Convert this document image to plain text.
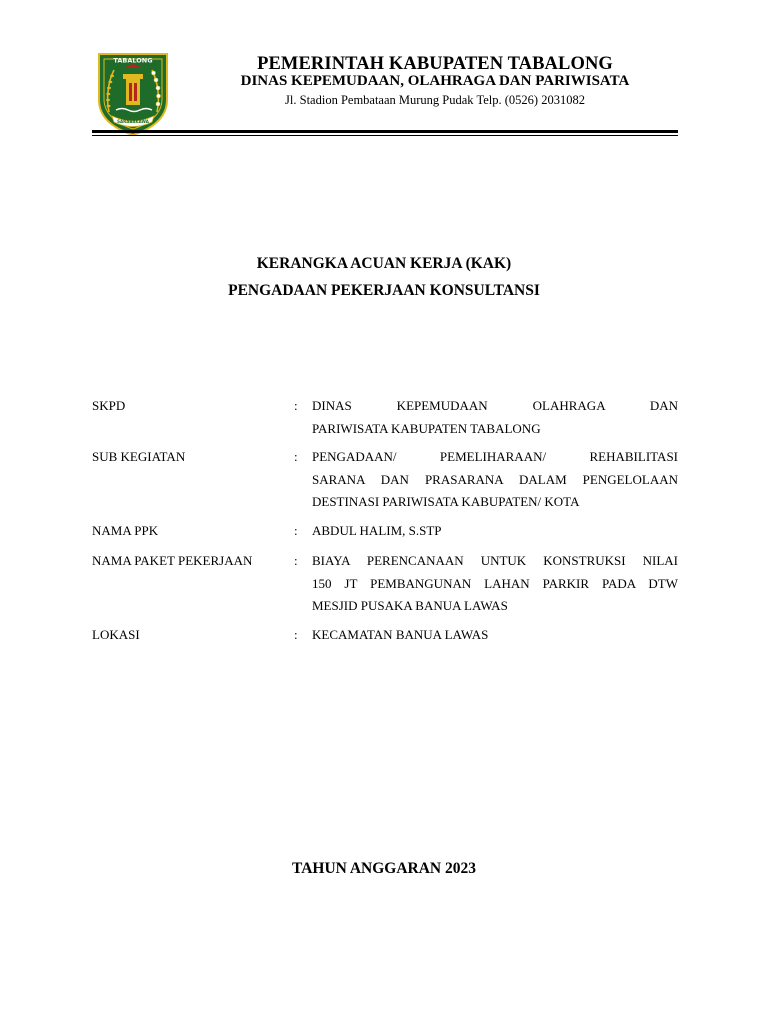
TABALONG
SARABAKAWA
PEMERINTAH KABUPATEN TABALONG
DINAS KEPEMUDAAN, OLAHRAGA DAN PARIWISATA
Jl. Stadion Pembataan Murung Pudak Telp. (0526) 2031082
KERANGKA ACUAN KERJA (KAK)
PENGADAAN PEKERJAAN KONSULTANSI
SKPD	: DINAS KEPEMUDAAN OLAHRAGA DAN
PARIWISATA KABUPATEN TABALONG
SUB KEGIATAN	: PENGADAAN/ PEMELIHARAAN/ REHABILITASI
SARANA DAN PRASARANA DALAM PENGELOLAAN
DESTINASI PARIWISATA KABUPATEN/ KOTA
NAMA PPK	: ABDUL HALIM, S.STP
NAMA PAKET PEKERJAAN	: BIAYA PERENCANAAN UNTUK KONSTRUKSI NILAI
150 JT PEMBANGUNAN LAHAN PARKIR PADA DTW
MESJID PUSAKA BANUA LAWAS
LOKASI	: KECAMATAN BANUA LAWAS
TAHUN ANGGARAN 2023
